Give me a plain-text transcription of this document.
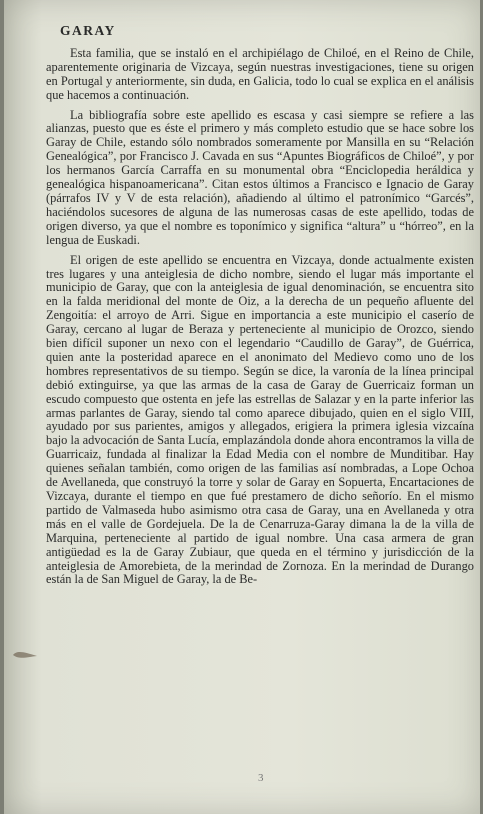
GARAY

Esta familia, que se instaló en el archipiélago de Chiloé, en el Reino de Chile, aparentemente originaria de Vizcaya, según nuestras investigaciones, tiene su origen en Portugal y anteriormente, sin duda, en Galicia, todo lo cual se explica en el análisis que hacemos a continuación.

La bibliografía sobre este apellido es escasa y casi siempre se refiere a las alianzas, puesto que es éste el primero y más completo estudio que se hace sobre los Garay de Chile, estando sólo nombrados someramente por Mansilla en su “Relación Genealógica”, por Francisco J. Cavada en sus “Apuntes Biográficos de Chiloé”, y por los hermanos García Carraffa en su monumental obra “Enciclopedia heráldica y genealógica hispanoamericana”. Citan estos últimos a Francisco e Ignacio de Garay (párrafos IV y V de esta relación), añadiendo al último el patronímico “Garcés”, haciéndolos sucesores de alguna de las numerosas casas de este apellido, todas de origen diverso, ya que el nombre es toponímico y significa “altura” u “hórreo”, en la lengua de Euskadi.

El origen de este apellido se encuentra en Vizcaya, donde actualmente existen tres lugares y una anteiglesia de dicho nombre, siendo el lugar más importante el municipio de Garay, que con la anteiglesia de igual denominación, se encuentra sito en la falda meridional del monte de Oiz, a la derecha de un pequeño afluente del Zengoitía: el arroyo de Arri. Sigue en importancia a este municipio el caserío de Garay, cercano al lugar de Beraza y perteneciente al municipio de Orozco, siendo bien difícil suponer un nexo con el legendario “Caudillo de Garay”, de Guérrica, quien ante la posteridad aparece en el anonimato del Medievo como uno de los hombres representativos de su tiempo. Según se dice, la varonía de la línea principal debió extinguirse, ya que las armas de la casa de Garay de Guerricaiz forman un escudo compuesto que ostenta en jefe las estrellas de Salazar y en la parte inferior las armas parlantes de Garay, siendo tal como aparece dibujado, quien en el siglo VIII, ayudado por sus parientes, amigos y allegados, erigiera la primera iglesia vizcaína bajo la advocación de Santa Lucía, emplazándola donde ahora encontramos la villa de Guarricaiz, fundada al finalizar la Edad Media con el nombre de Munditibar. Hay quienes señalan también, como origen de las familias así nombradas, a Lope Ochoa de Avellaneda, que construyó la torre y solar de Garay en Sopuerta, Encartaciones de Vizcaya, durante el tiempo en que fué prestamero de dicho señorío. En el mismo partido de Valmaseda hubo asimismo otra casa de Garay, una en Avellaneda y otra más en el valle de Gordejuela. De la de Cenarruza-Garay dimana la de la villa de Marquina, perteneciente al partido de igual nombre. Una casa armera de gran antigüedad es la de Garay Zubiaur, que queda en el término y jurisdicción de la anteiglesia de Amorebieta, de la merindad de Zornoza. En la merindad de Durango están la de San Miguel de Garay, la de Be-

3
